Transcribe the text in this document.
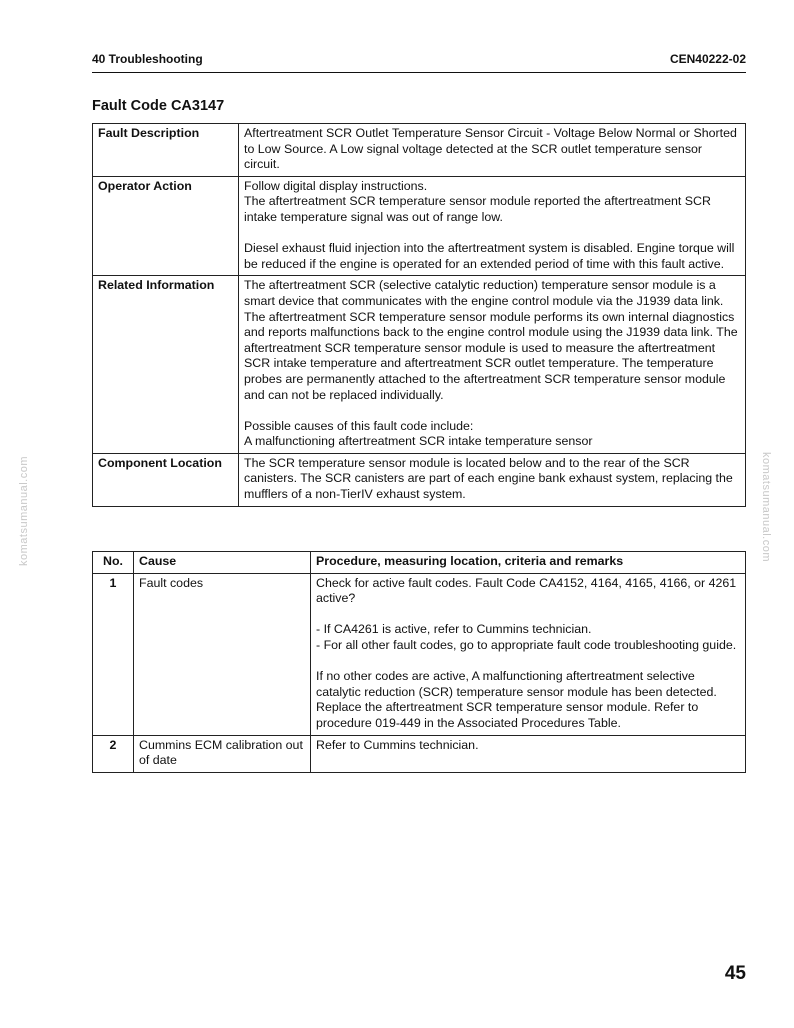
40 Troubleshooting	CEN40222-02
Fault Code CA3147
Fault Description	Aftertreatment SCR Outlet Temperature Sensor Circuit - Voltage Below Normal or Shorted to Low Source. A Low signal voltage detected at the SCR outlet temperature sensor circuit.

Operator Action	Follow digital display instructions.
The aftertreatment SCR temperature sensor module reported the aftertreatment SCR intake temperature signal was out of range low.
Diesel exhaust fluid injection into the aftertreatment system is disabled. Engine torque will be reduced if the engine is operated for an extended period of time with this fault active.

Related Information	The aftertreatment SCR (selective catalytic reduction) temperature sensor module is a smart device that communicates with the engine control module via the J1939 data link. The aftertreatment SCR temperature sensor module performs its own internal diagnostics and reports malfunctions back to the engine control module using the J1939 data link. The aftertreatment SCR temperature sensor module is used to measure the aftertreatment SCR intake temperature and aftertreatment SCR outlet temperature. The temperature probes are permanently attached to the aftertreatment SCR temperature sensor module and can not be replaced individually.
Possible causes of this fault code include:
A malfunctioning aftertreatment SCR intake temperature sensor

Component Location	The SCR temperature sensor module is located below and to the rear of the SCR canisters. The SCR canisters are part of each engine bank exhaust system, replacing the mufflers of a non-TierIV exhaust system.
No.	Cause	Procedure, measuring location, criteria and remarks
1	Fault codes	Check for active fault codes. Fault Code CA4152, 4164, 4165, 4166, or 4261 active?
- If CA4261 is active, refer to Cummins technician.
- For all other fault codes, go to appropriate fault code troubleshooting guide.
If no other codes are active, A malfunctioning aftertreatment selective catalytic reduction (SCR) temperature sensor module has been detected. Replace the aftertreatment SCR temperature sensor module. Refer to procedure 019-449 in the Associated Procedures Table.

2	Cummins ECM calibration out of date	Refer to Cummins technician.
komatsumanual.com	komatsumanual.com
45
